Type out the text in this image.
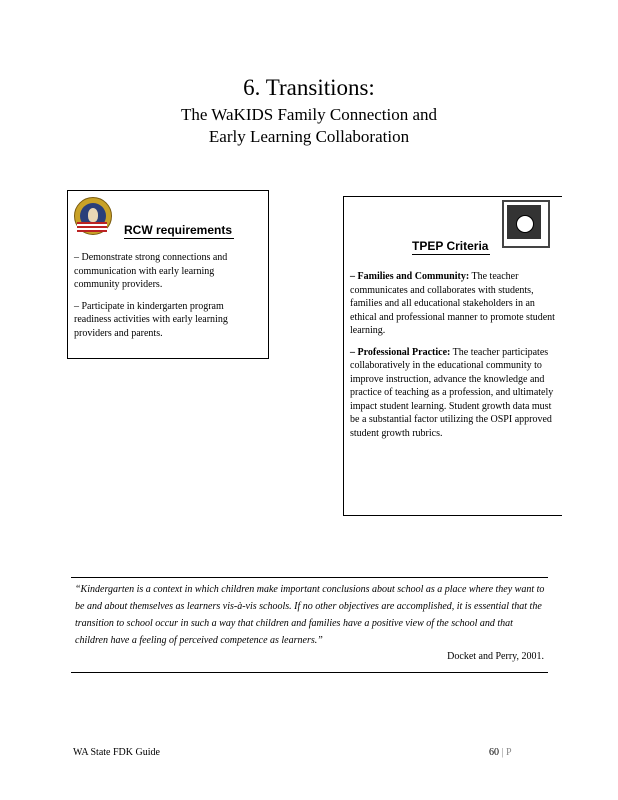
6. Transitions:
The WaKIDS Family Connection and
Early Learning Collaboration
RCW requirements

– Demonstrate strong connections and communication with early learning community providers.

– Participate in kindergarten program readiness activities with early learning providers and parents.

TPEP Criteria

– Families and Community: The teacher communicates and collaborates with students, families and all educational stakeholders in an ethical and professional manner to promote student learning.

– Professional Practice: The teacher participates collaboratively in the educational community to improve instruction, advance the knowledge and practice of teaching as a profession, and ultimately impact student learning. Student growth data must be a substantial factor utilizing the OSPI approved student growth rubrics.

“Kindergarten is a context in which children make important conclusions about school as a place where they want to be and about themselves as learners vis-à-vis schools. If no other objectives are accomplished, it is essential that the transition to school occur in such a way that children and families have a positive view of the school and that children have a feeling of perceived competence as learners.”
Docket and Perry, 2001.
WA State FDK Guide	60 | P
